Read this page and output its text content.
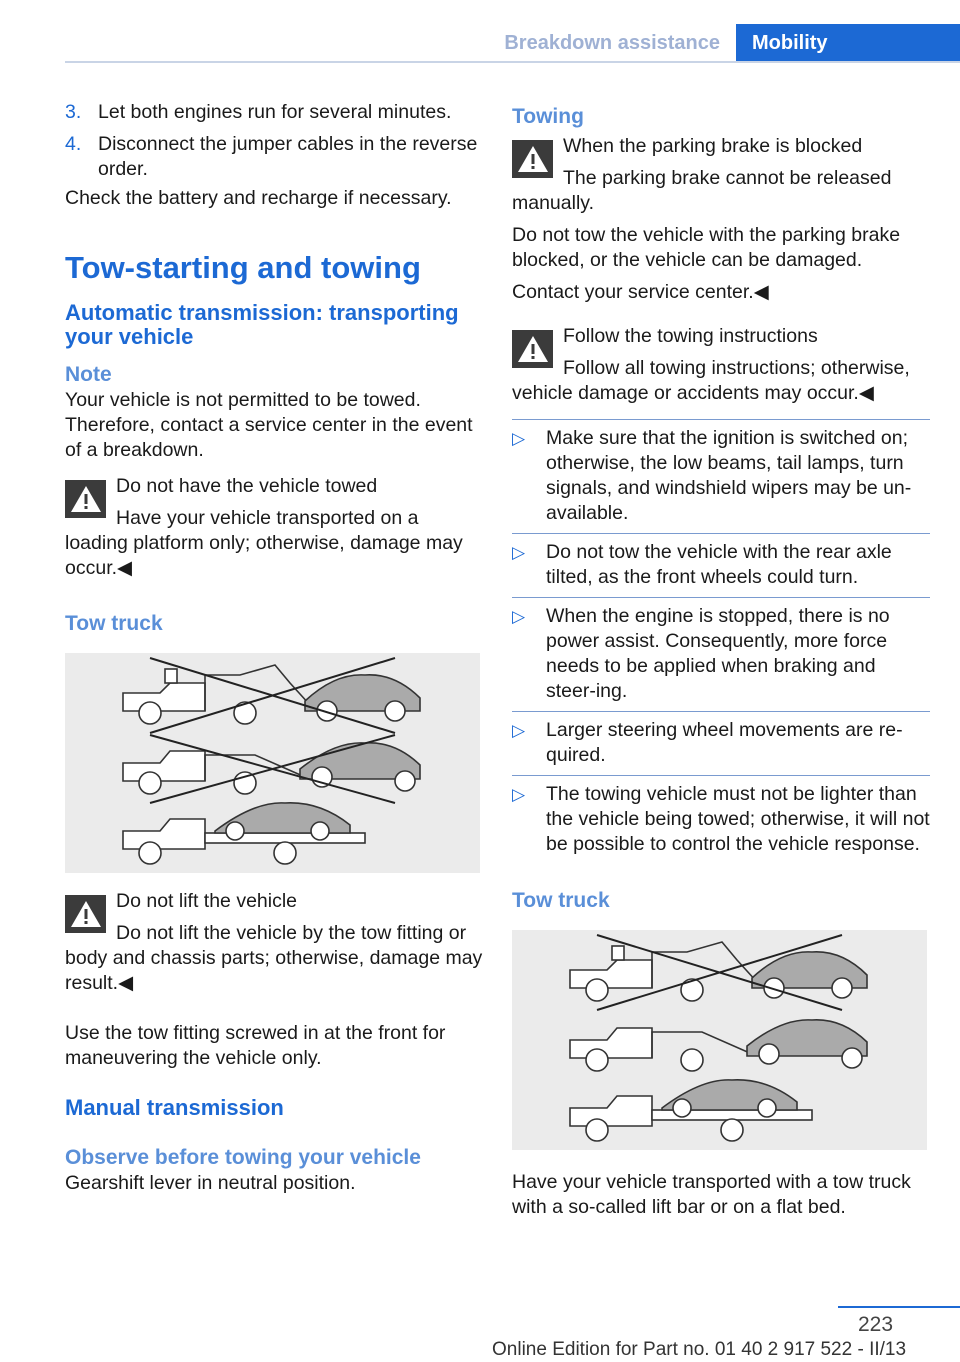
Breakdown assistance	Mobility
3. Let both engines run for several minutes.
4. Disconnect the jumper cables in the reverse order.

Check the battery and recharge if necessary.

Tow-starting and towing
Automatic transmission: transporting your vehicle
Note

Your vehicle is not permitted to be towed. Therefore, contact a service center in the event of a breakdown.

Do not have the vehicle towed
Have your vehicle transported on a loading platform only; otherwise, damage may occur.◀
Tow truck
Do not lift the vehicle
Do not lift the vehicle by the tow fitting or body and chassis parts; otherwise, damage may result.◀

Use the tow fitting screwed in at the front for maneuvering the vehicle only.

Manual transmission
Observe before towing your vehicle

Gearshift lever in neutral position.

Towing
When the parking brake is blocked
The parking brake cannot be released manually.

Do not tow the vehicle with the parking brake blocked, or the vehicle can be damaged.

Contact your service center.◀

Follow the towing instructions
Follow all towing instructions; otherwise, vehicle damage or accidents may occur.◀
▷	Make sure that the ignition is switched on; otherwise, the low beams, tail lamps, turn signals, and windshield wipers may be un-available.
▷	Do not tow the vehicle with the rear axle tilted, as the front wheels could turn.
▷	When the engine is stopped, there is no power assist. Consequently, more force needs to be applied when braking and steer-ing.
▷	Larger steering wheel movements are re-quired.
▷	The towing vehicle must not be lighter than the vehicle being towed; otherwise, it will not be possible to control the vehicle response.
Tow truck

Have your vehicle transported with a tow truck with a so-called lift bar or on a flat bed.

223
Online Edition for Part no. 01 40 2 917 522 - II/13
